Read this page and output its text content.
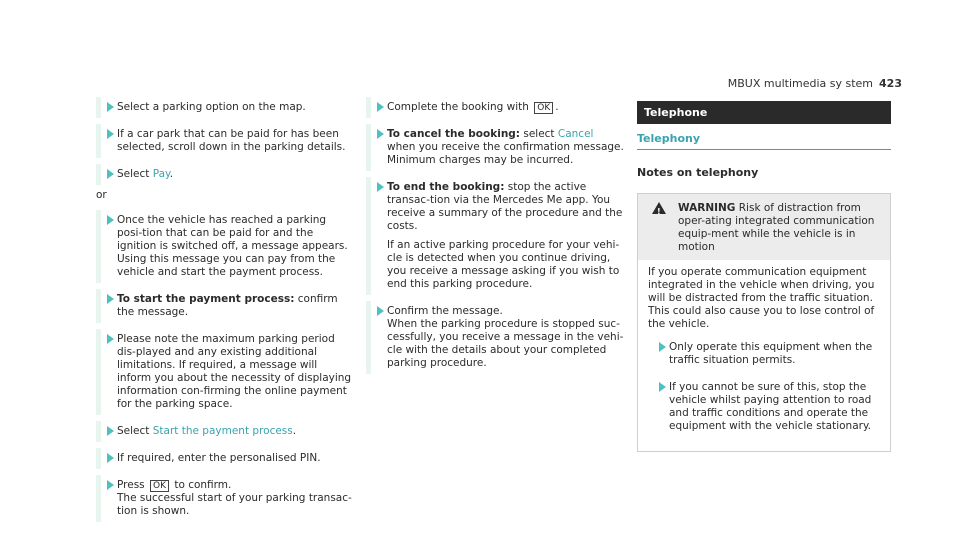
MBUX multimedia sy stem 423

Select a parking option on the map.

If a car park that can be paid for has been selected, scroll down in the parking details.

Select Pay.

or

Once the vehicle has reached a parking posi-tion that can be paid for and the ignition is switched off, a message appears.

Using this message you can pay from the vehicle and start the payment process.

To start the payment process: confirm the message.

Please note the maximum parking period dis-played and any existing additional limitations. If required, a message will inform you about the necessity of displaying information con-firming the online payment for the parking space.

Select Start the payment process.

If required, enter the personalised PIN.

Press OK to confirm.

The successful start of your parking transac-tion is shown.

Complete the booking with OK .

To cancel the booking: select Cancel when you receive the confirmation message. Minimum charges may be incurred.

To end the booking: stop the active transac-tion via the Mercedes Me app. You receive a summary of the procedure and the costs.

If an active parking procedure for your vehi-cle is detected when you continue driving, you receive a message asking if you wish to end this parking procedure.

Confirm the message.

When the parking procedure is stopped suc-cessfully, you receive a message in the vehi-cle with the details about your completed parking procedure.

Telephone
Telephony
Notes on telephony
! WARNING Risk of distraction from oper-ating integrated communication equip-ment while the vehicle is in motion

If you operate communication equipment integrated in the vehicle when driving, you will be distracted from the traffic situation. This could also cause you to lose control of the vehicle.

Only operate this equipment when the traffic situation permits.

If you cannot be sure of this, stop the vehicle whilst paying attention to road and traffic conditions and operate the equipment with the vehicle stationary.
